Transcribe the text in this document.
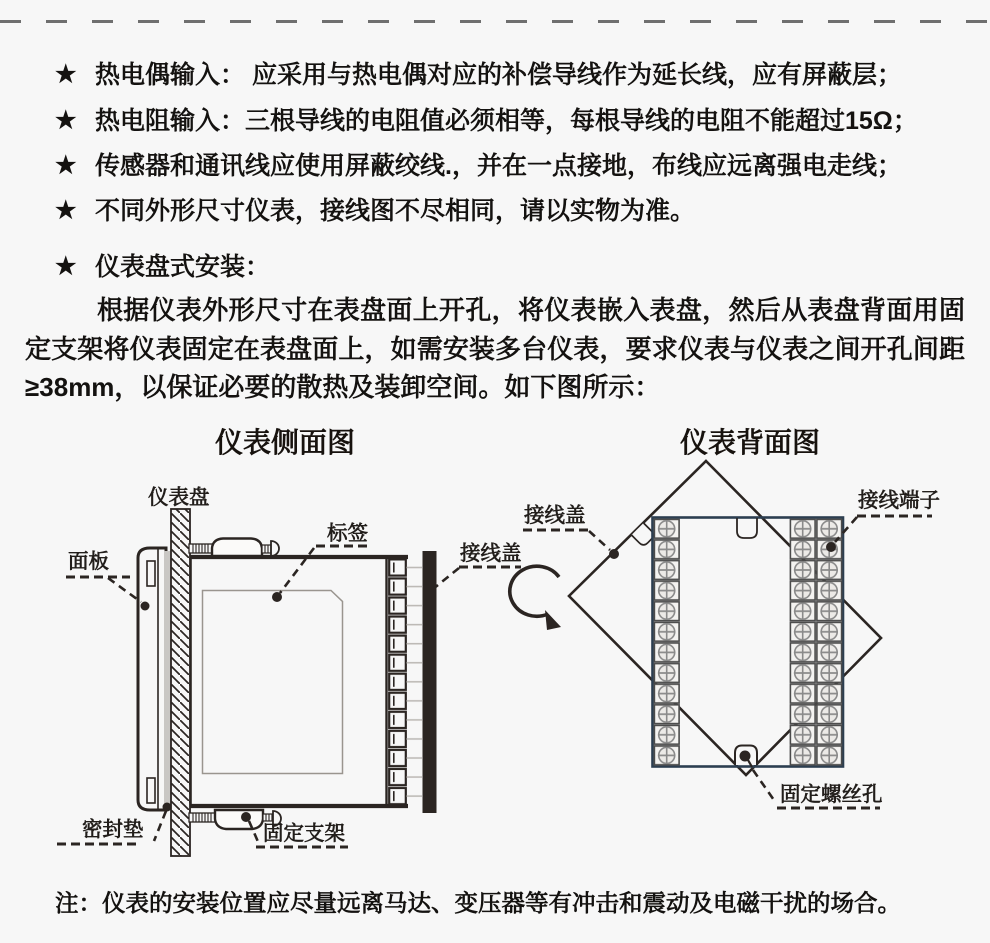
★ 热电偶输入： 应采用与热电偶对应的补偿导线作为延长线，应有屏蔽层；
★ 热电阻输入：三根导线的电阻值必须相等，每根导线的电阻不能超过15Ω；
★ 传感器和通讯线应使用屏蔽绞线.，并在一点接地，布线应远离强电走线；
★ 不同外形尺寸仪表，接线图不尽相同，请以实物为准。
★ 仪表盘式安装：

根据仪表外形尺寸在表盘面上开孔，将仪表嵌入表盘，然后从表盘背面用固定支架将仪表固定在表盘面上，如需安装多台仪表，要求仪表与仪表之间开孔间距≥38mm，以保证必要的散热及装卸空间。如下图所示：

仪表侧面图	仪表背面图
仪表盘
面板
标签
接线盖
密封垫	固定支架
接线盖
接线端子
固定螺丝孔
注：仪表的安装位置应尽量远离马达、变压器等有冲击和震动及电磁干扰的场合。
